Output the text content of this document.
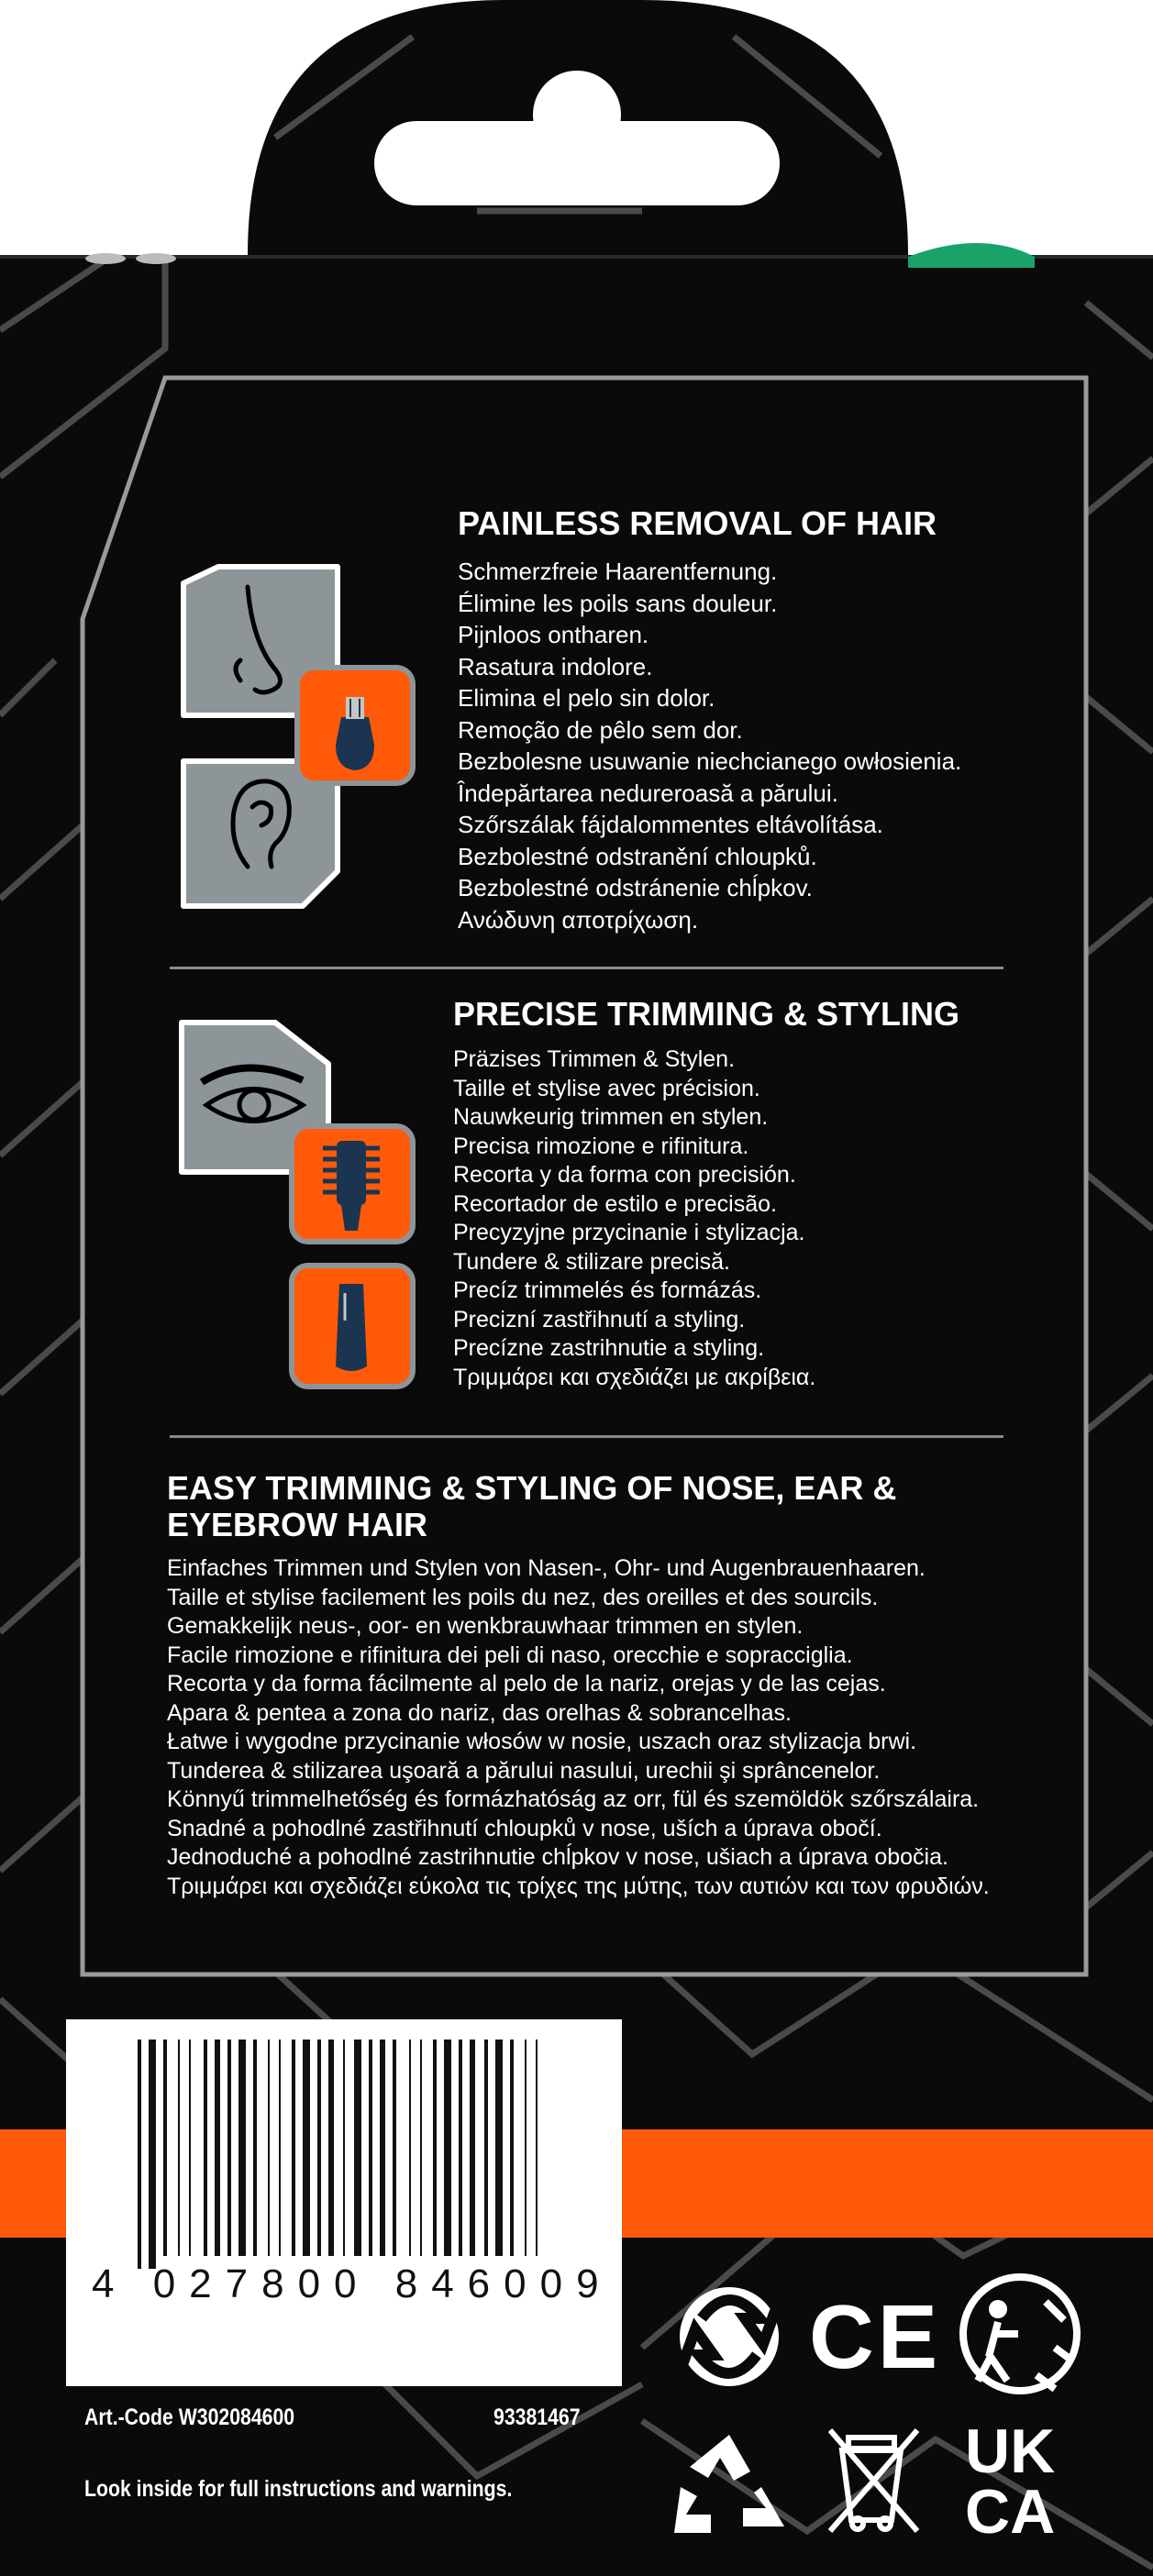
PAINLESS REMOVAL OF HAIR
Schmerzfreie Haarentfernung.
Élimine les poils sans douleur.
Pijnloos ontharen.
Rasatura indolore.
Elimina el pelo sin dolor.
Remoção de pêlo sem dor.
Bezbolesne usuwanie niechcianego owłosienia.
Îndepărtarea nedureroasă a părului.
Szőrszálak fájdalommentes eltávolítása.
Bezbolestné odstranění chloupků.
Bezbolestné odstránenie chĺpkov.
Ανώδυνη αποτρίχωση.
PRECISE TRIMMING & STYLING
Präzises Trimmen & Stylen.
Taille et stylise avec précision.
Nauwkeurig trimmen en stylen.
Precisa rimozione e rifinitura.
Recorta y da forma con precisión.
Recortador de estilo e precisão.
Precyzyjne przycinanie i stylizacja.
Tundere & stilizare precisă.
Precíz trimmelés és formázás.
Precizní zastřihnutí a styling.
Precízne zastrihnutie a styling.
Τριμμάρει και σχεδιάζει με ακρίβεια.
EASY TRIMMING & STYLING OF NOSE, EAR &
EYEBROW HAIR
Einfaches Trimmen und Stylen von Nasen-, Ohr- und Augenbrauenhaaren.
Taille et stylise facilement les poils du nez, des oreilles et des sourcils.
Gemakkelijk neus-, oor- en wenkbrauwhaar trimmen en stylen.
Facile rimozione e rifinitura dei peli di naso, orecchie e sopracciglia.
Recorta y da forma fácilmente al pelo de la nariz, orejas y de las cejas.
Apara & pentea a zona do nariz, das orelhas & sobrancelhas.
Łatwe i wygodne przycinanie włosów w nosie, uszach oraz stylizacja brwi.
Tunderea & stilizarea uşoară a părului nasului, urechii şi sprâncenelor.
Könnyű trimmelhetőség és formázhatóság az orr, fül és szemöldök szőrszálaira.
Snadné a pohodlné zastřihnutí chloupků v nose, uších a úprava obočí.
Jednoduché a pohodlné zastrihnutie chĺpkov v nose, ušiach a úprava obočia.
Τριμμάρει και σχεδιάζει εύκολα τις τρίχες της μύτης, των αυτιών και των φρυδιών.
4 027800 846009
Art.-Code W302084600	93381467
Look inside for full instructions and warnings.
CE
UK
CA
